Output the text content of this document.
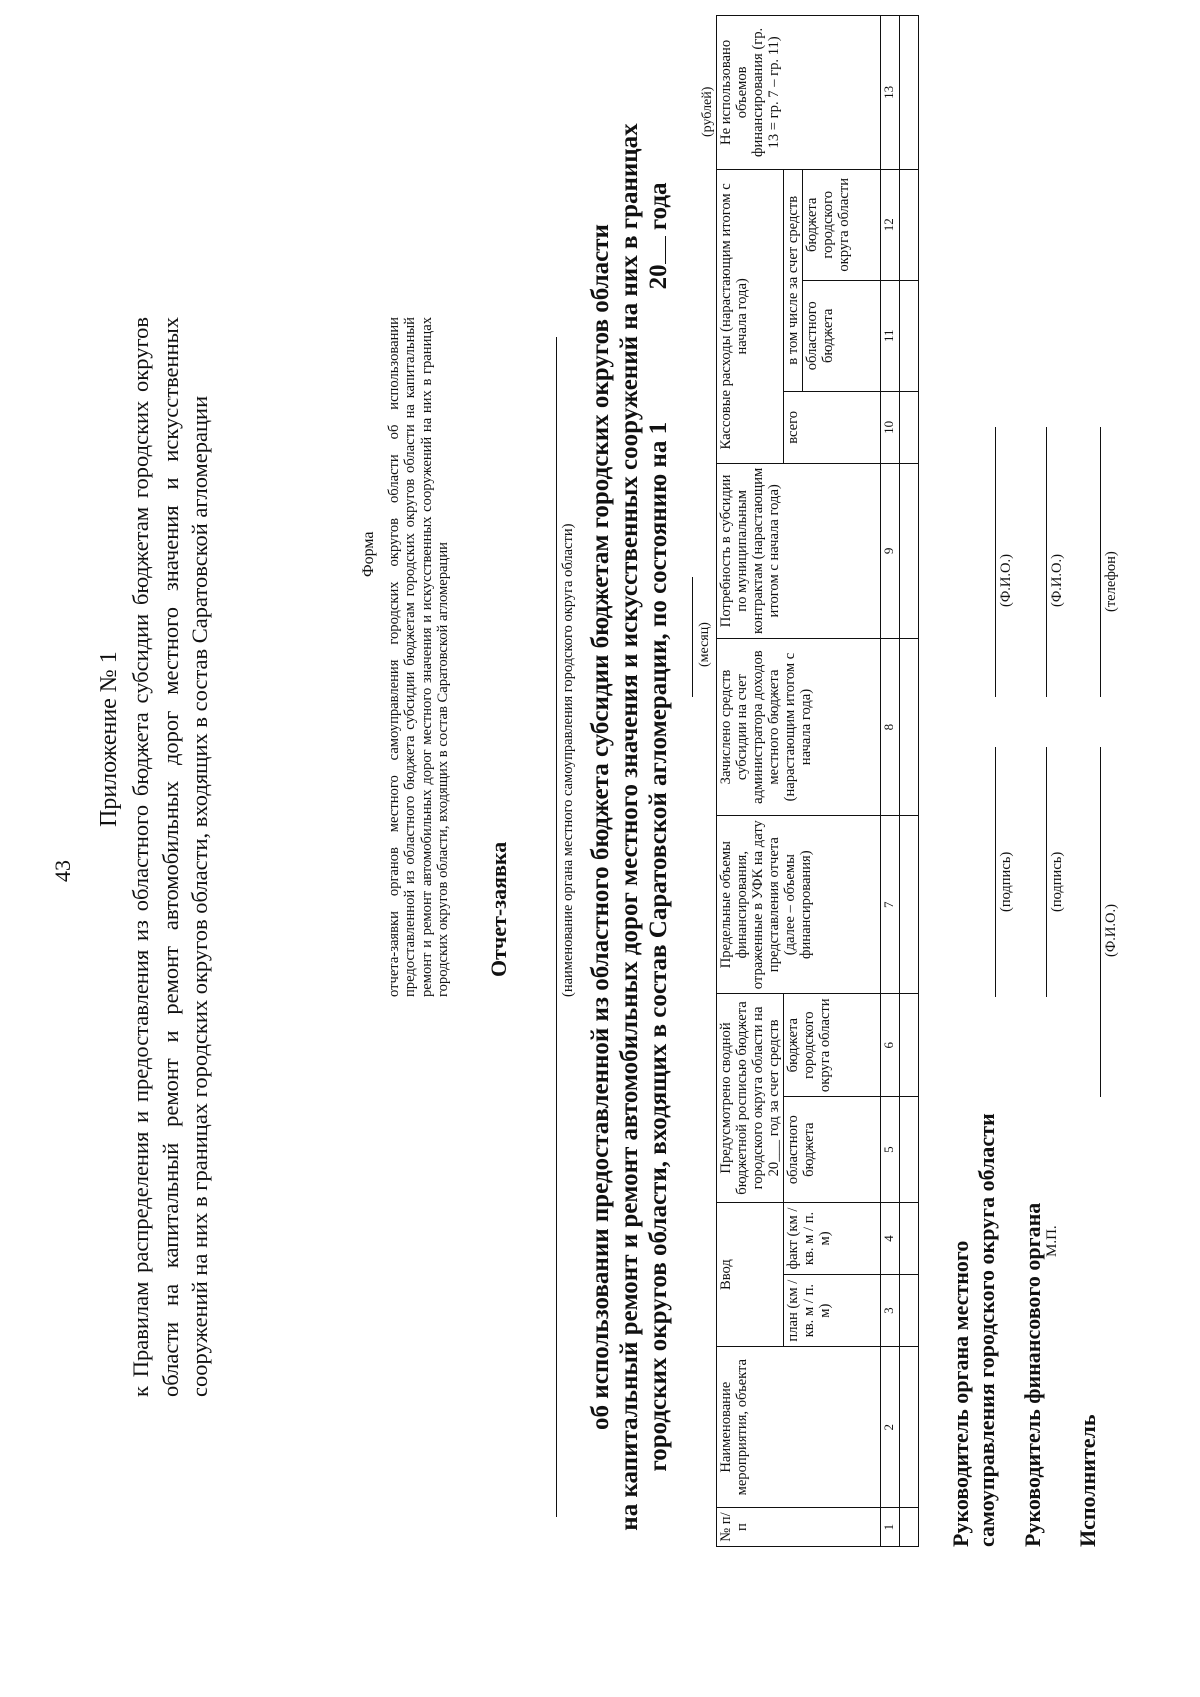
43
Приложение № 1 к Правилам распределения и предоставления из областного бюджета субсидии бюджетам городских округов области на капитальный ремонт и ремонт автомобильных дорог местного значения и искусственных сооружений на них в границах городских округов области, входящих в состав Саратовской агломерации	Форма отчета-заявки органов местного самоуправления городских округов области об использовании предоставленной из областного бюджета субсидии бюджетам городских округов области на капитальный ремонт и ремонт автомобильных дорог местного значения и искусственных сооружений на них в границах городских округов области, входящих в состав Саратовской агломерации Отчет-заявка	(наименование органа местного самоуправления городского округа области) об использовании предоставленной из областного бюджета субсидии бюджетам городских округов области на капитальный ремонт и ремонт автомобильных дорог местного значения и искусственных сооружений на них в границах городских округов области, входящих в состав Саратовской агломерации, по состоянию на 1  20 года
(месяц)
(рублей)
№ п/п	Наименование мероприятия, объекта	Ввод		Предусмотрено сводной бюджетной росписью бюджета городского округа области на 20___ год за счет средств		Предельные объемы финансирования, отраженные в УФК на дату представления отчета (далее – объемы финансирования)	Зачислено средств субсидии на счет администратора доходов местного бюджета (нарастающим итогом с начала года)	Потребность в субсидии по муниципальным контрактам (нарастающим итогом с начала года)	Кассовые расходы (нарастающим итогом с начала года)			Не использовано объемов финансирования (гр. 13 = гр. 7 – гр. 11)
		план (км / кв. м / п. м)	факт (км / кв. м / п. м)	областного бюджета	бюджета городского округа области				всего	в том числе за счет средств		
										областного бюджета	бюджета городского округа области	
1	2	3	4	5	6	7	8	9	10	11	12	13

Руководитель органа местного самоуправления городского округа области
(подпись)
(Ф.И.О.)
Руководитель финансового органа М.П.
(подпись)
(Ф.И.О.)
Исполнитель
(Ф.И.О.)
(телефон)
